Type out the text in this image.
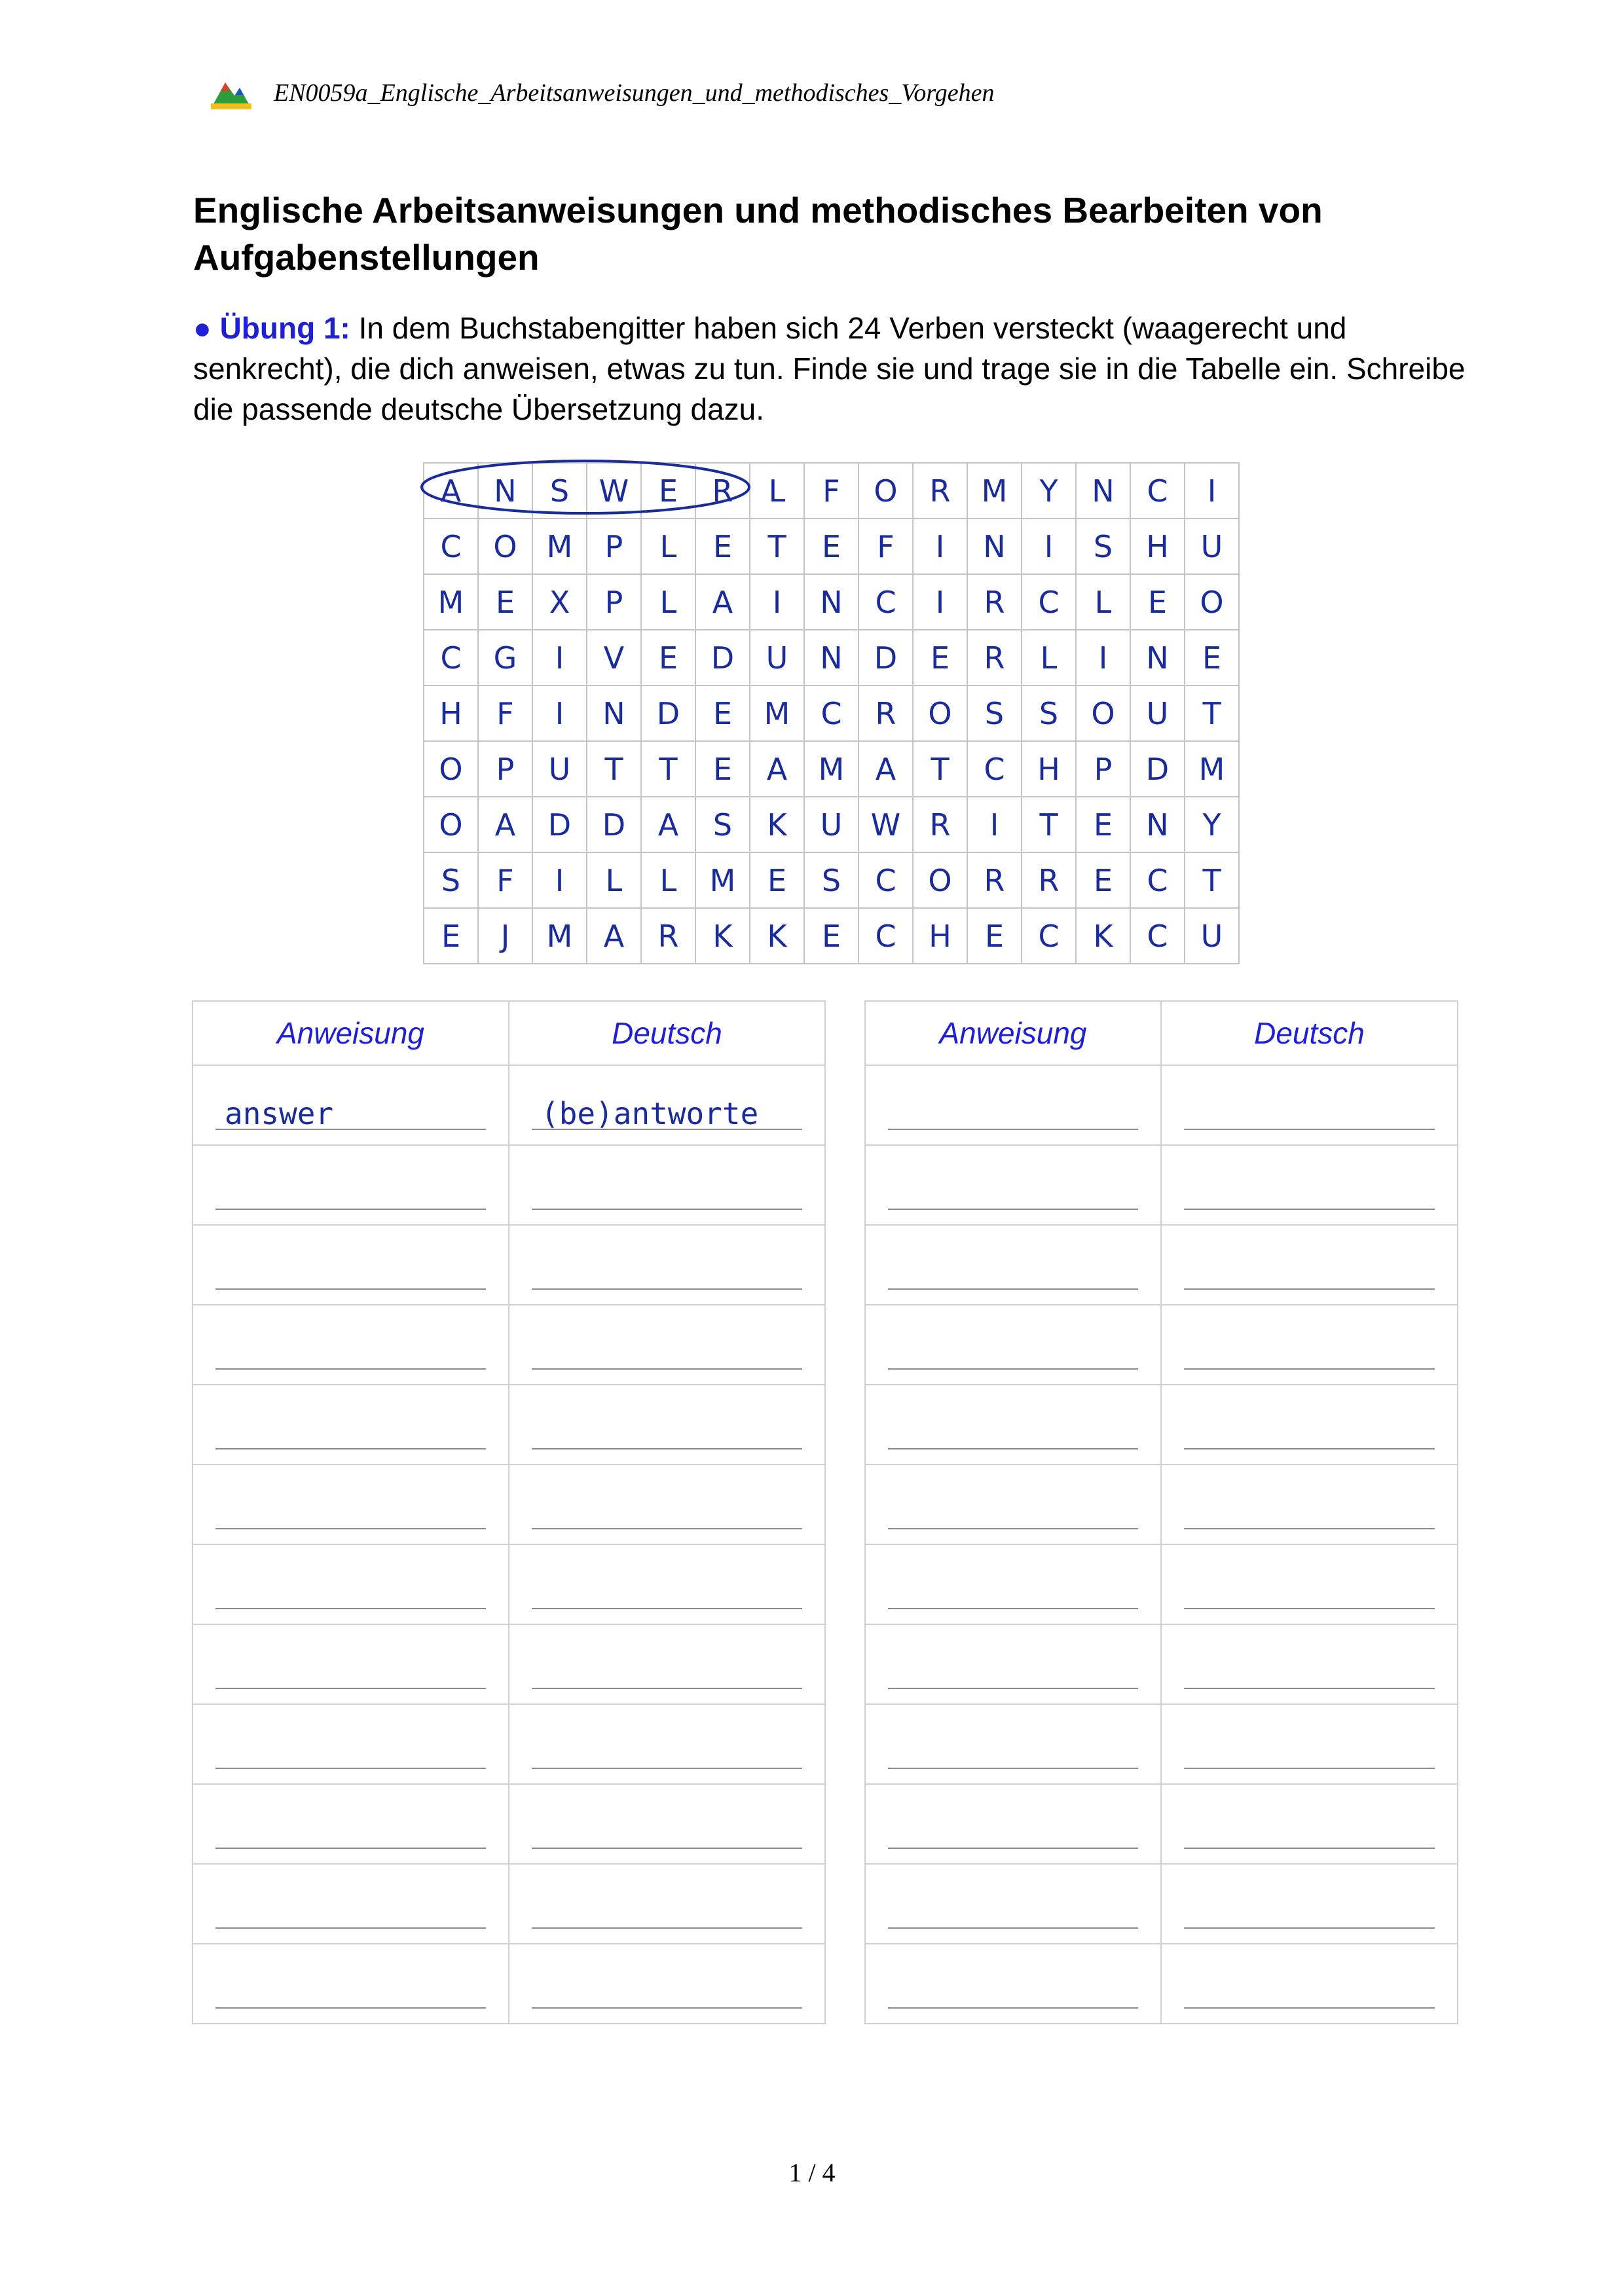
EN0059a_Englische_Arbeitsanweisungen_und_methodisches_Vorgehen
Englische Arbeitsanweisungen und methodisches Bearbeiten von Aufgabenstellungen

● Übung 1: In dem Buchstabengitter haben sich 24 Verben versteckt (waagerecht und senkrecht), die dich anweisen, etwas zu tun. Finde sie und trage sie in die Tabelle ein. Schreibe die passende deutsche Übersetzung dazu.

A	N	S	W	E	R	L	F	O	R	M	Y	N	C	I
C	O	M	P	L	E	T	E	F	I	N	I	S	H	U
M	E	X	P	L	A	I	N	C	I	R	C	L	E	O
C	G	I	V	E	D	U	N	D	E	R	L	I	N	E
H	F	I	N	D	E	M	C	R	O	S	S	O	U	T
O	P	U	T	T	E	A	M	A	T	C	H	P	D	M
O	A	D	D	A	S	K	U	W	R	I	T	E	N	Y
S	F	I	L	L	M	E	S	C	O	R	R	E	C	T
E	J	M	A	R	K	K	E	C	H	E	C	K	C	U
Anweisung	Deutsch

answer	(be)antworte

Anweisung	Deutsch

1 / 4
